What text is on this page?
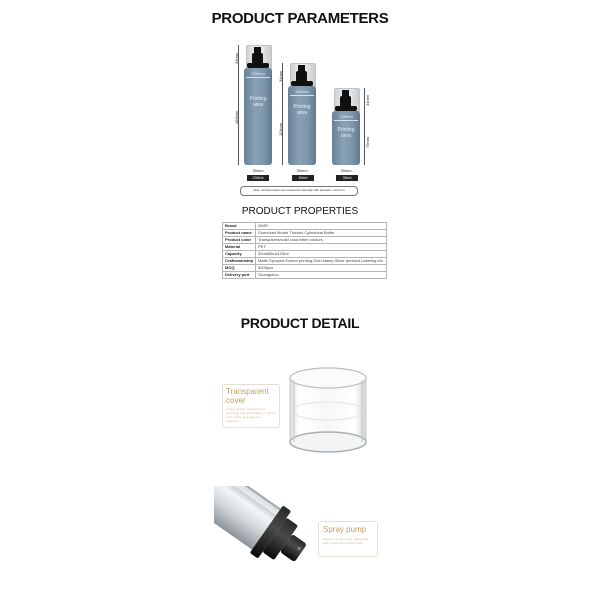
PRODUCT PARAMETERS
129mm
Printing area
34mm
186mm
39mm
200ml
129mm
Printing area
34mm
113mm
39mm
60ml
129mm
Printing area
34mm
79mm
39mm
30ml
Note: All dimensions are measured manually with deviation. Unit:mm
PRODUCT PROPERTIES
Brand	ZiMFI
Product name	Oversized Mouth Thicken Cylindrical Bottle
Product color	Transparent/solid color/other colours
Material	PET
Capacity	30ml/60ml/120ml
Craftsmanship	Matte,Sprayed,Screen printing,Gold stamp,Silver pressed,Labeling etc.
MOQ	5000pcs
Delivery port	Guangzhou
PRODUCT DETAIL
Transparent
cover
Unique design, exquisite and charming, safe and healthy, to protect your nozzle, give long-term protection
Spray pump
Spray pump atomized, refinement and a good effect to the bottle
